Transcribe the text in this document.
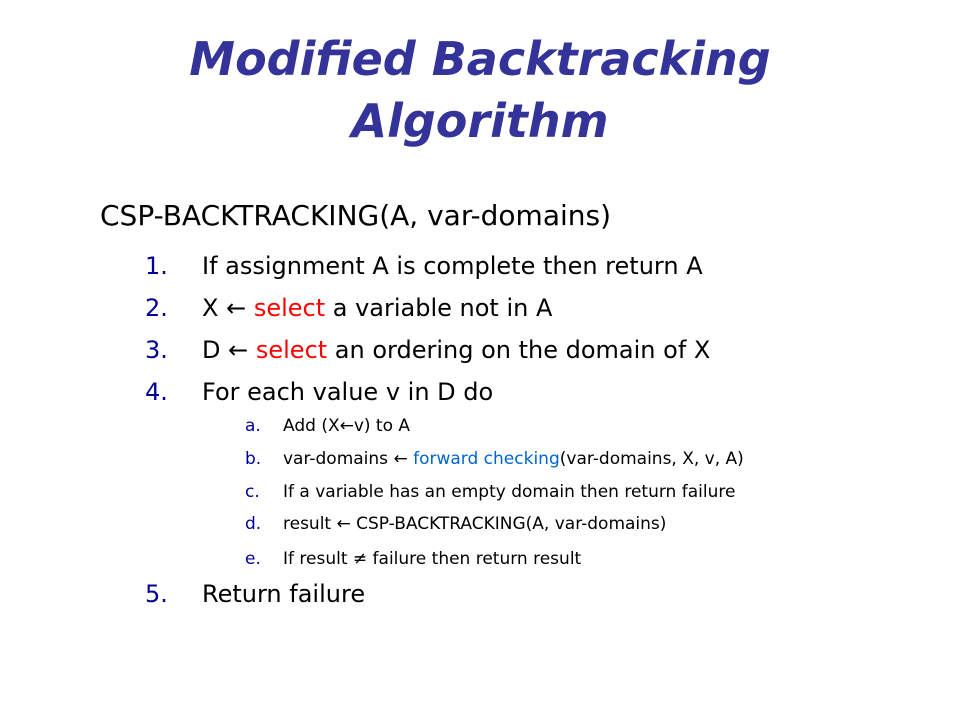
Modified Backtracking
Algorithm
CSP-BACKTRACKING(A, var-domains)
1. If assignment A is complete then return A
2. X ← select a variable not in A
3. D ← select an ordering on the domain of X
4. For each value v in D do
a. Add (X←v) to A
b. var-domains ← forward checking(var-domains, X, v, A)
c. If a variable has an empty domain then return failure
d. result ← CSP-BACKTRACKING(A, var-domains)
e. If result ≠ failure then return result
5. Return failure
